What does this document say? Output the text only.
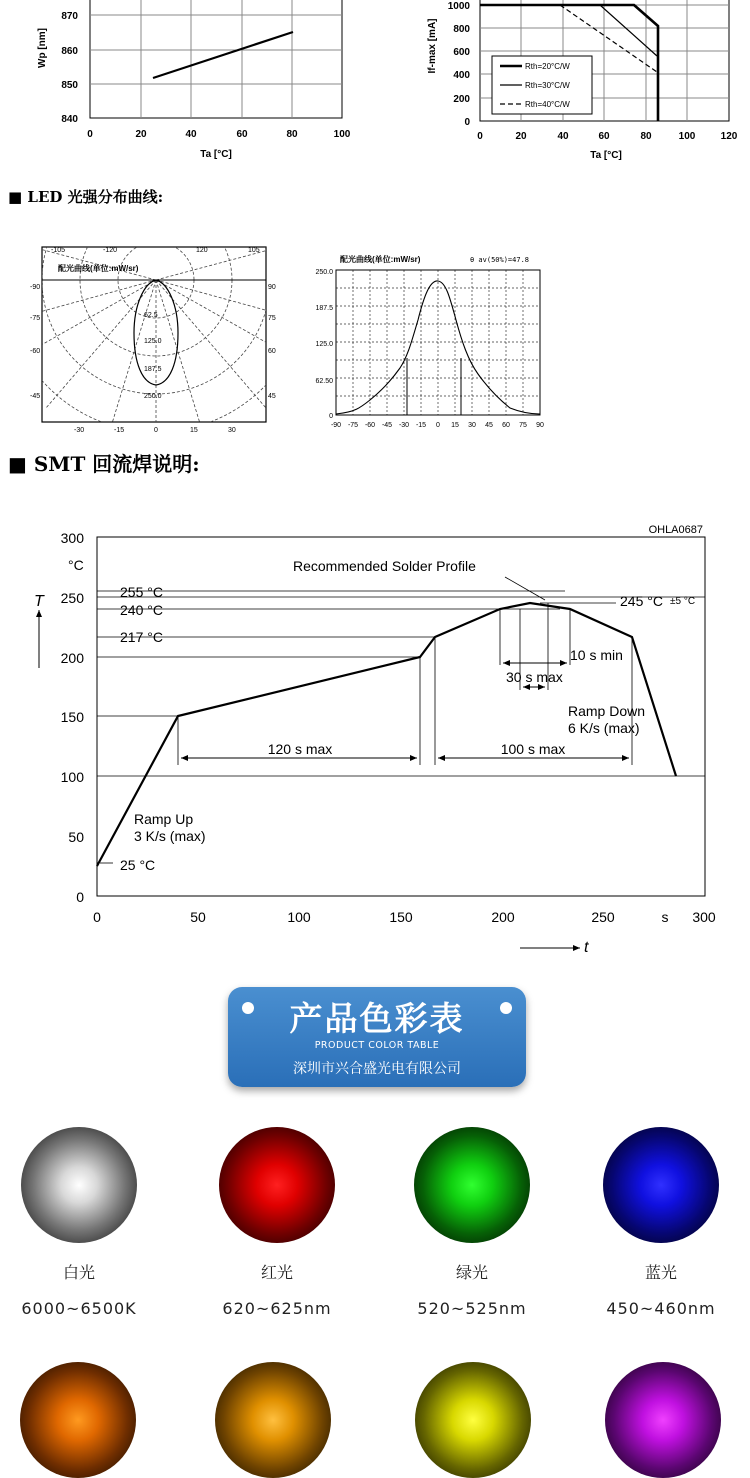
870
860
850
840
0	20	40	60	80	100
Ta [°C]
Wp [nm]	Rth=20°C/W
Rth=30°C/W
Rth=40°C/W
1000
800
600
400
200
0
0	20	40	60	80	100	120
Ta [°C]
If-max [mA]
■ LED 光强分布曲线:
配光曲线(单位:mW/sr)
-105	-120	120	105
-90
-75
-60
-45
90
75
60
45
-30	-15	0	15	30
62.5
125.0
187.5
250.0
配光曲线(单位:mW/sr)	θ av(50%)=47.8
250.0
187.5
125.0
62.50
0
-90 -75 -60 -45 -30 -15 0 15 30 45 60 75 90
■ SMT 回流焊说明:
0
50
100
150
200
250
300
0	50	100	150	200	250	300
s
°C
T
t
OHLA0687
Recommended Solder Profile
255 °C
240 °C
217 °C
245 °C ±5 °C
25 °C
10 s min
30 s max
Ramp Down
6 K/s (max)
Ramp Up
3 K/s (max)
120 s max	100 s max
产品色彩表
PRODUCT COLOR TABLE
深圳市兴合盛光电有限公司
白光
6000~6500K
红光
620~625nm
绿光
520~525nm
蓝光
450~460nm
